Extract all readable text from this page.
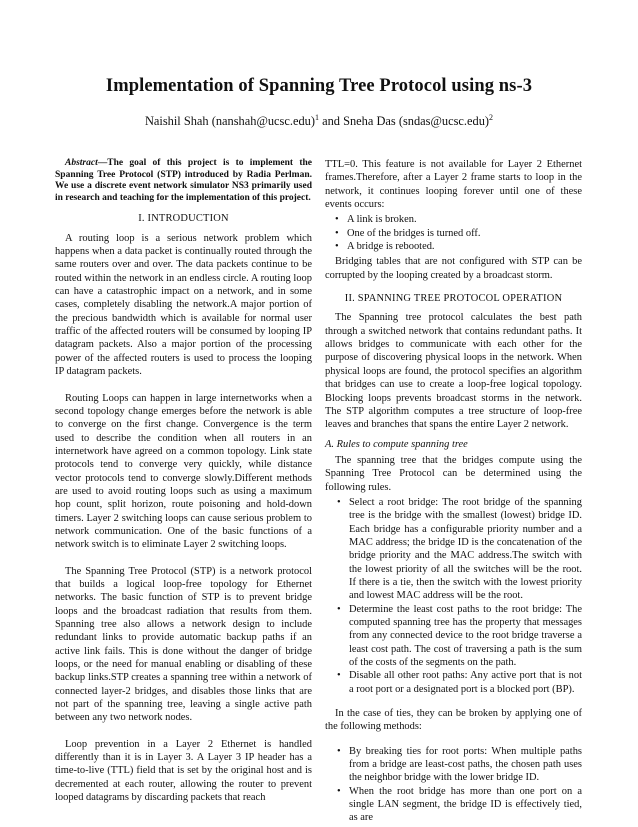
Implementation of Spanning Tree Protocol using ns-3
Naishil Shah (nanshah@ucsc.edu)$^1$ and Sneha Das (sndas@ucsc.edu)$^2$

Abstract—The goal of this project is to implement the Spanning Tree Protocol (STP) introduced by Radia Perlman. We use a discrete event network simulator NS3 primarily used in research and teaching for the implementation of this project.

I. INTRODUCTION

A routing loop is a serious network problem which happens when a data packet is continually routed through the same routers over and over. The data packets continue to be routed within the network in an endless circle. A routing loop can have a catastrophic impact on a network, and in some cases, completely disabling the network.A major portion of the precious bandwidth which is available for normal user traffic of the affected routers will be consumed by looping IP datagram packets. Also a major portion of the processing power of the affected routers is used to process the looping IP datagram packets.

Routing Loops can happen in large internetworks when a second topology change emerges before the network is able to converge on the first change. Convergence is the term used to describe the condition when all routers in an internetwork have agreed on a common topology. Link state protocols tend to converge very quickly, while distance vector protocols tend to converge slowly.Different methods are used to avoid routing loops such as using a maximum hop count, split horizon, route poisoning and hold-down timers. Layer 2 switching loops can cause serious problem to network communication. One of the basic functions of a network switch is to eliminate Layer 2 switching loops.

The Spanning Tree Protocol (STP) is a network protocol that builds a logical loop-free topology for Ethernet networks. The basic function of STP is to prevent bridge loops and the broadcast radiation that results from them. Spanning tree also allows a network design to include redundant links to provide automatic backup paths if an active link fails. This is done without the danger of bridge loops, or the need for manual enabling or disabling of these backup links.STP creates a spanning tree within a network of connected layer-2 bridges, and disables those links that are not part of the spanning tree, leaving a single active path between any two network nodes.

Loop prevention in a Layer 2 Ethernet is handled differently than it is in Layer 3. A Layer 3 IP header has a time-to-live (TTL) field that is set by the original host and is decremented at each router, allowing the router to prevent looped datagrams by discarding packets that reach

TTL=0. This feature is not available for Layer 2 Ethernet frames.Therefore, after a Layer 2 frame starts to loop in the network, it continues looping forever until one of these events occurs:

• A link is broken.
• One of the bridges is turned off.
• A bridge is rebooted.

Bridging tables that are not configured with STP can be corrupted by the looping created by a broadcast storm.

II. SPANNING TREE PROTOCOL OPERATION

The Spanning tree protocol calculates the best path through a switched network that contains redundant paths. It allows bridges to communicate with each other for the purpose of discovering physical loops in the network. When physical loops are found, the protocol specifies an algorithm that bridges can use to create a loop-free logical topology. Blocking loops prevents broadcast storms in the network. The STP algorithm computes a tree structure of loop-free leaves and branches that spans the entire Layer 2 network.

A. Rules to compute spanning tree

The spanning tree that the bridges compute using the Spanning Tree Protocol can be determined using the following rules.

• Select a root bridge: The root bridge of the spanning tree is the bridge with the smallest (lowest) bridge ID. Each bridge has a configurable priority number and a MAC address; the bridge ID is the concatenation of the bridge priority and the MAC address.The switch with the lowest priority of all the switches will be the root. If there is a tie, then the switch with the lowest priority and lowest MAC address will be the root.
• Determine the least cost paths to the root bridge: The computed spanning tree has the property that messages from any connected device to the root bridge traverse a least cost path. The cost of traversing a path is the sum of the costs of the segments on the path.
• Disable all other root paths: Any active port that is not a root port or a designated port is a blocked port (BP).

In the case of ties, they can be broken by applying one of the following methods:

• By breaking ties for root ports: When multiple paths from a bridge are least-cost paths, the chosen path uses the neighbor bridge with the lower bridge ID.
• When the root bridge has more than one port on a single LAN segment, the bridge ID is effectively tied, as are
